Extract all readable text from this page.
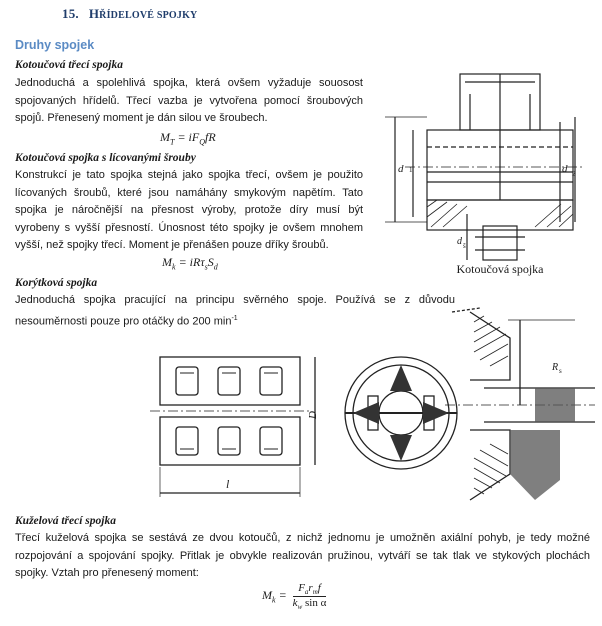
15. HŘÍDELOVÉ SPOJKY
Druhy spojek
Kotoučová třecí spojka
Jednoduchá a spolehlivá spojka, která ovšem vyžaduje souosost
spojovaných hřídelů. Třecí vazba je vytvořena pomocí šroubových
spojů. Přenesený moment je dán silou ve šroubech.
$M_T = iF_QfR$
Kotoučová spojka s lícovanými šrouby
Konstrukcí je tato spojka stejná jako spojka třecí, ovšem je použito
lícovaných šroubů, které jsou namáhány smykovým napětím. Tato
spojka je náročnější na přesnost výroby, protože díry musí být
vyrobeny s vyšší přesností. Únosnost této spojky je ovšem mnohem
vyšší, než spojky třecí. Moment je přenášen pouze dříky šroubů.
$M_k = iR\tau_sS_d$
d 1	d 2
d š
Kotoučová spojka
Korýtková spojka
Jednoduchá spojka pracující na principu svěrného spoje. Používá se z důvodu
nesouměrnosti pouze pro otáčky do 200 $\min^{-1}$
l
D
R s
Kuželová třecí spojka
Třecí kuželová spojka se sestává ze dvou kotoučů, z nichž jednomu je umožněn axiální pohyb, je tedy možné
rozpojování a spojování spojky. Přitlak je obvykle realizován pružinou, vytváří se tak tlak ve stykových plochách
spojky. Vztah pro přenesený moment:
$M_k$ =
$F_ar_mf$
$k_w$ sin α
